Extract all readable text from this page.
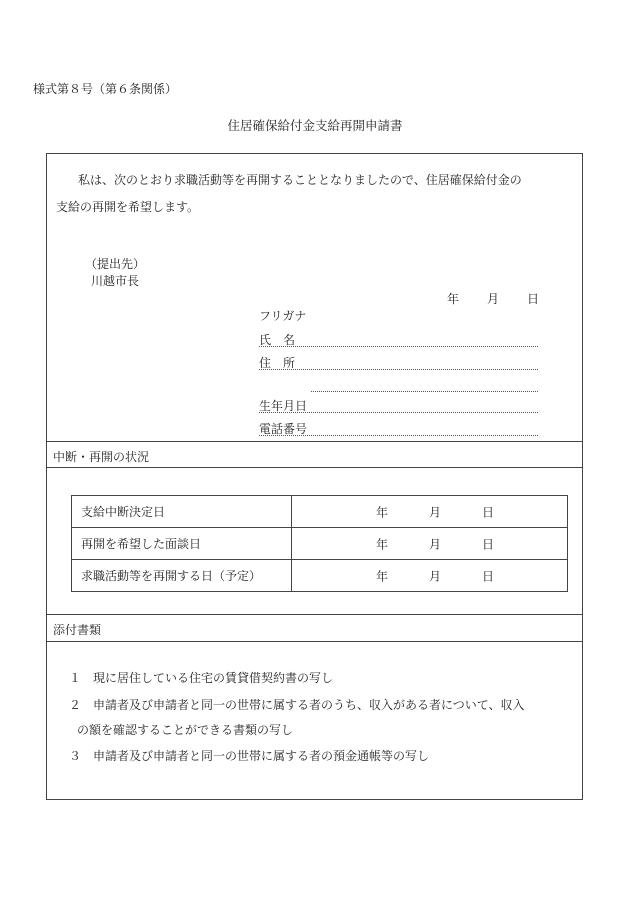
様式第８号（第６条関係）
住居確保給付金支給再開申請書
私は、次のとおり求職活動等を再開することとなりましたので、住居確保給付金の
支給の再開を希望します。
（提出先）
川越市長
年 月 日
フリガナ
氏　名
住　所
生年月日
電話番号
中断・再開の状況
支給中断決定日	年 月 日

再開を希望した面談日	年 月 日

求職活動等を再開する日（予定）	年 月 日
添付書類
１ 現に居住している住宅の賃貸借契約書の写し
２ 申請者及び申請者と同一の世帯に属する者のうち、収入がある者について、収入
の額を確認することができる書類の写し
３ 申請者及び申請者と同一の世帯に属する者の預金通帳等の写し
